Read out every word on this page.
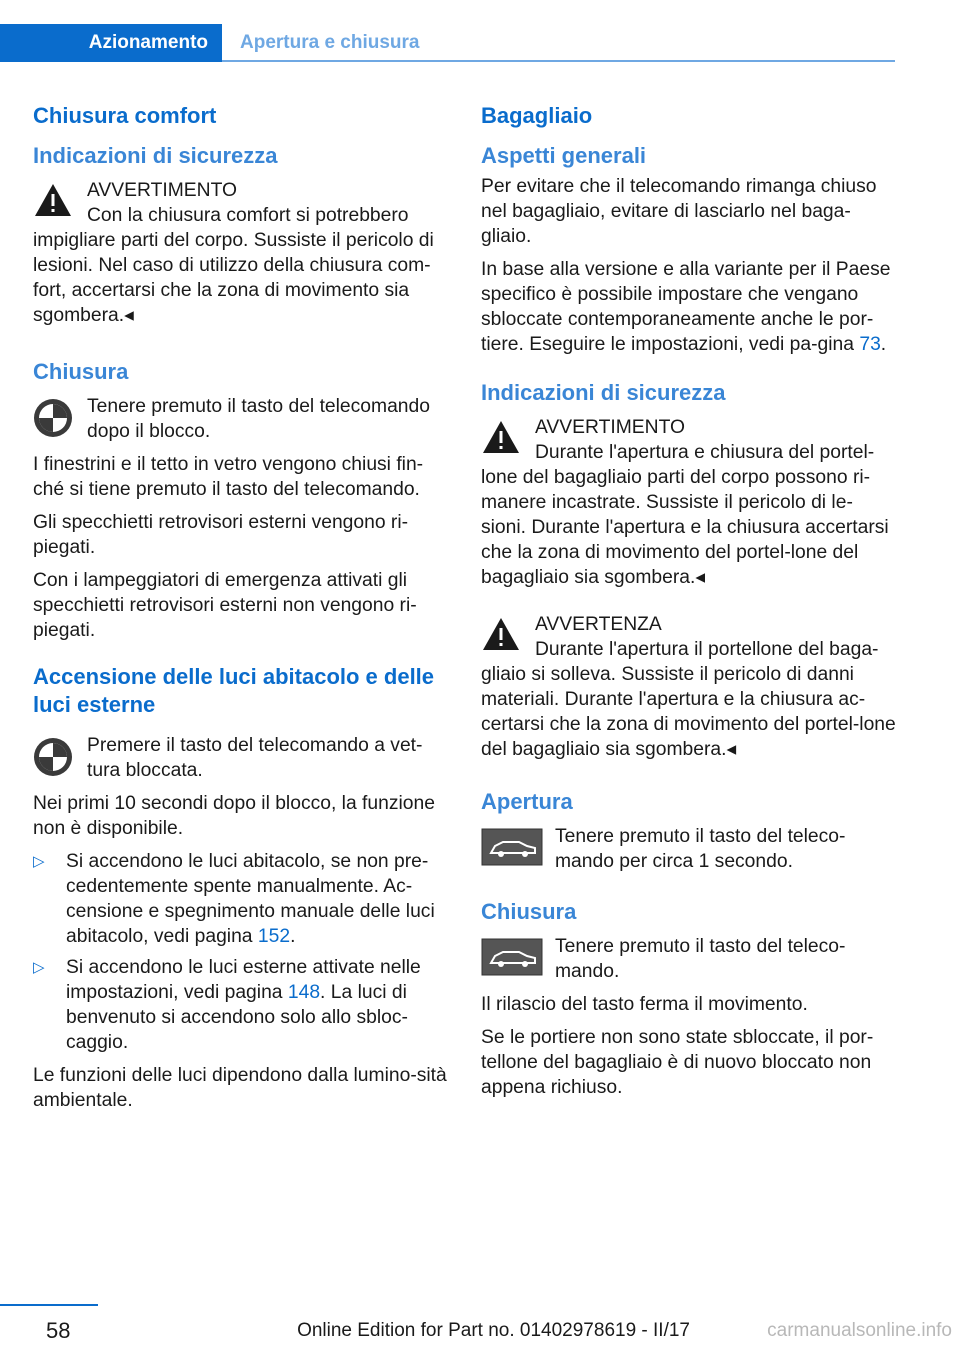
Azionamento	Apertura e chiusura
Chiusura comfort
Indicazioni di sicurezza
AVVERTIMENTO
Con la chiusura comfort si potrebbero impigliare parti del corpo. Sussiste il pericolo di lesioni. Nel caso di utilizzo della chiusura com-fort, accertarsi che la zona di movimento sia sgombera.◂
Chiusura
Tenere premuto il tasto del telecomando dopo il blocco.

I finestrini e il tetto in vetro vengono chiusi fin-ché si tiene premuto il tasto del telecomando.

Gli specchietti retrovisori esterni vengono ri-piegati.

Con i lampeggiatori di emergenza attivati gli specchietti retrovisori esterni non vengono ri-piegati.

Accensione delle luci abitacolo e delle luci esterne
Premere il tasto del telecomando a vet-tura bloccata.

Nei primi 10 secondi dopo il blocco, la funzione non è disponibile.

▷ Si accendono le luci abitacolo, se non pre-cedentemente spente manualmente. Ac-censione e spegnimento manuale delle luci abitacolo, vedi pagina 152.
▷ Si accendono le luci esterne attivate nelle impostazioni, vedi pagina 148. La luci di benvenuto si accendono solo allo sbloc-caggio.

Le funzioni delle luci dipendono dalla lumino-sità ambientale.

Bagagliaio
Aspetti generali

Per evitare che il telecomando rimanga chiuso nel bagagliaio, evitare di lasciarlo nel baga-gliaio.

In base alla versione e alla variante per il Paese specifico è possibile impostare che vengano sbloccate contemporaneamente anche le por-tiere. Eseguire le impostazioni, vedi pa-gina 73.

Indicazioni di sicurezza
AVVERTIMENTO
Durante l'apertura e chiusura del portel-lone del bagagliaio parti del corpo possono ri-manere incastrate. Sussiste il pericolo di le-sioni. Durante l'apertura e la chiusura accertarsi che la zona di movimento del portel-lone del bagagliaio sia sgombera.◂
AVVERTENZA
Durante l'apertura il portellone del baga-gliaio si solleva. Sussiste il pericolo di danni materiali. Durante l'apertura e la chiusura ac-certarsi che la zona di movimento del portel-lone del bagagliaio sia sgombera.◂
Apertura
Tenere premuto il tasto del teleco-mando per circa 1 secondo.
Chiusura
Tenere premuto il tasto del teleco-mando.

Il rilascio del tasto ferma il movimento.

Se le portiere non sono state sbloccate, il por-tellone del bagagliaio è di nuovo bloccato non appena richiuso.

58	Online Edition for Part no. 01402978619 - II/17	carmanualsonline.info
